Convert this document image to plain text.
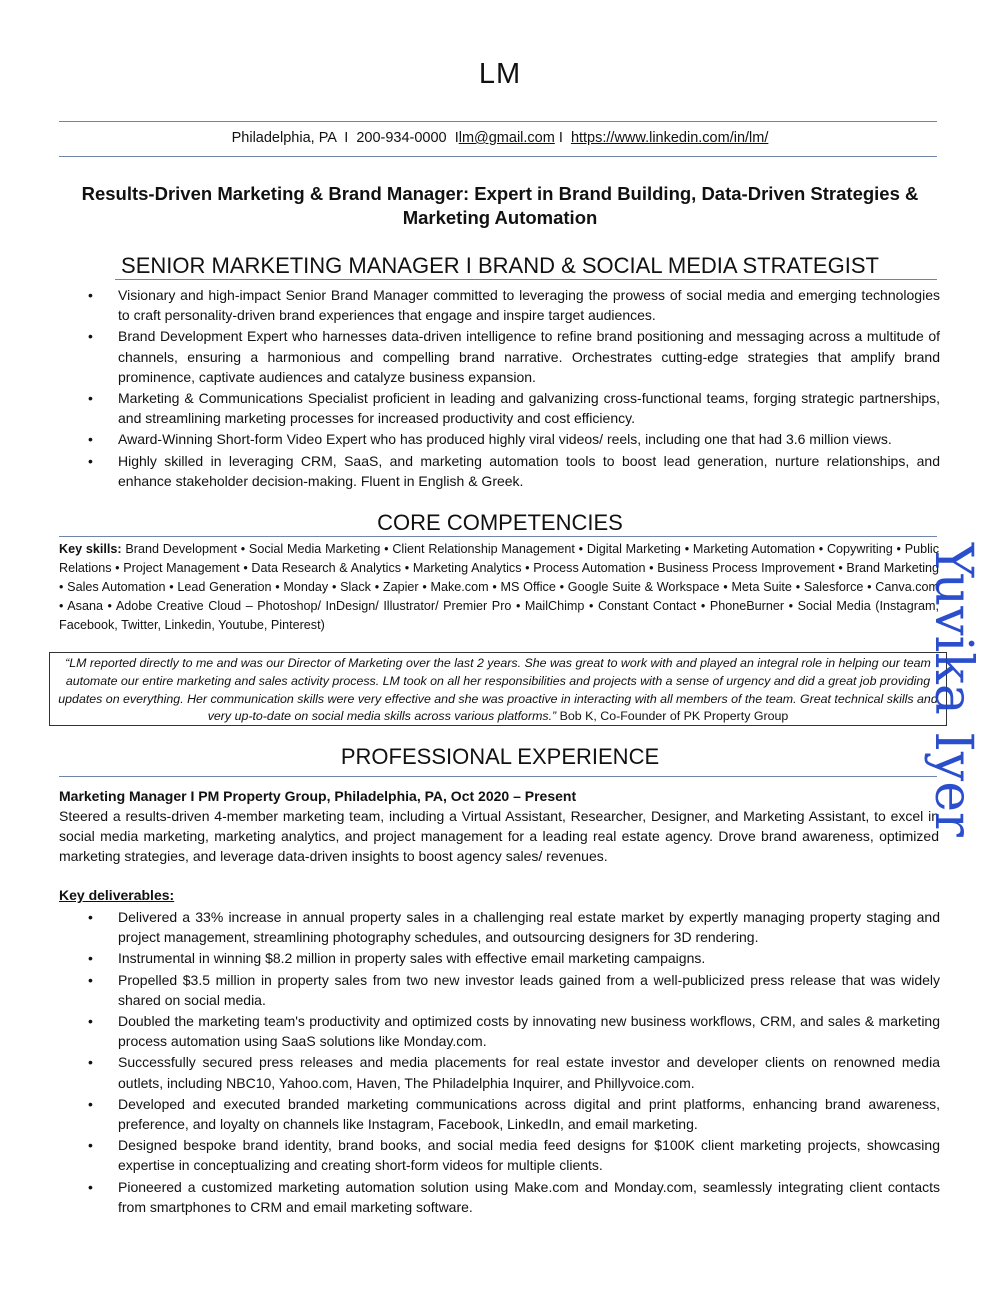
LM
Philadelphia, PA I 200-934-0000 Ilm@gmail.com I https://www.linkedin.com/in/lm/
Results-Driven Marketing & Brand Manager: Expert in Brand Building, Data-Driven Strategies & Marketing Automation
SENIOR MARKETING MANAGER I BRAND & SOCIAL MEDIA STRATEGIST
• Visionary and high-impact Senior Brand Manager committed to leveraging the prowess of social media and emerging technologies to craft personality-driven brand experiences that engage and inspire target audiences.
• Brand Development Expert who harnesses data-driven intelligence to refine brand positioning and messaging across a multitude of channels, ensuring a harmonious and compelling brand narrative. Orchestrates cutting-edge strategies that amplify brand prominence, captivate audiences and catalyze business expansion.
• Marketing & Communications Specialist proficient in leading and galvanizing cross-functional teams, forging strategic partnerships, and streamlining marketing processes for increased productivity and cost efficiency.
• Award-Winning Short-form Video Expert who has produced highly viral videos/ reels, including one that had 3.6 million views.
• Highly skilled in leveraging CRM, SaaS, and marketing automation tools to boost lead generation, nurture relationships, and enhance stakeholder decision-making. Fluent in English & Greek.
CORE COMPETENCIES
Key skills: Brand Development • Social Media Marketing • Client Relationship Management • Digital Marketing • Marketing Automation • Copywriting • Public Relations • Project Management • Data Research & Analytics • Marketing Analytics • Process Automation • Business Process Improvement • Brand Marketing • Sales Automation • Lead Generation • Monday • Slack • Zapier • Make.com • MS Office • Google Suite & Workspace • Meta Suite • Salesforce • Canva.com • Asana • Adobe Creative Cloud – Photoshop/ InDesign/ Illustrator/ Premier Pro • MailChimp • Constant Contact • PhoneBurner • Social Media (Instagram, Facebook, Twitter, Linkedin, Youtube, Pinterest)
“LM reported directly to me and was our Director of Marketing over the last 2 years. She was great to work with and played an integral role in helping our team automate our entire marketing and sales activity process. LM took on all her responsibilities and projects with a sense of urgency and did a great job providing updates on everything. Her communication skills were very effective and she was proactive in interacting with all members of the team. Great technical skills and very up-to-date on social media skills across various platforms.” Bob K, Co-Founder of PK Property Group
PROFESSIONAL EXPERIENCE
Marketing Manager I PM Property Group, Philadelphia, PA, Oct 2020 – Present
Steered a results-driven 4-member marketing team, including a Virtual Assistant, Researcher, Designer, and Marketing Assistant, to excel in social media marketing, marketing analytics, and project management for a leading real estate agency. Drove brand awareness, optimized marketing strategies, and leverage data-driven insights to boost agency sales/ revenues.
Key deliverables:
• Delivered a 33% increase in annual property sales in a challenging real estate market by expertly managing property staging and project management, streamlining photography schedules, and outsourcing designers for 3D rendering.
• Instrumental in winning $8.2 million in property sales with effective email marketing campaigns.
• Propelled $3.5 million in property sales from two new investor leads gained from a well-publicized press release that was widely shared on social media.
• Doubled the marketing team's productivity and optimized costs by innovating new business workflows, CRM, and sales & marketing process automation using SaaS solutions like Monday.com.
• Successfully secured press releases and media placements for real estate investor and developer clients on renowned media outlets, including NBC10, Yahoo.com, Haven, The Philadelphia Inquirer, and Phillyvoice.com.
• Developed and executed branded marketing communications across digital and print platforms, enhancing brand awareness, preference, and loyalty on channels like Instagram, Facebook, LinkedIn, and email marketing.
• Designed bespoke brand identity, brand books, and social media feed designs for $100K client marketing projects, showcasing expertise in conceptualizing and creating short-form videos for multiple clients.
• Pioneered a customized marketing automation solution using Make.com and Monday.com, seamlessly integrating client contacts from smartphones to CRM and email marketing software.
Yuvika Iyer
